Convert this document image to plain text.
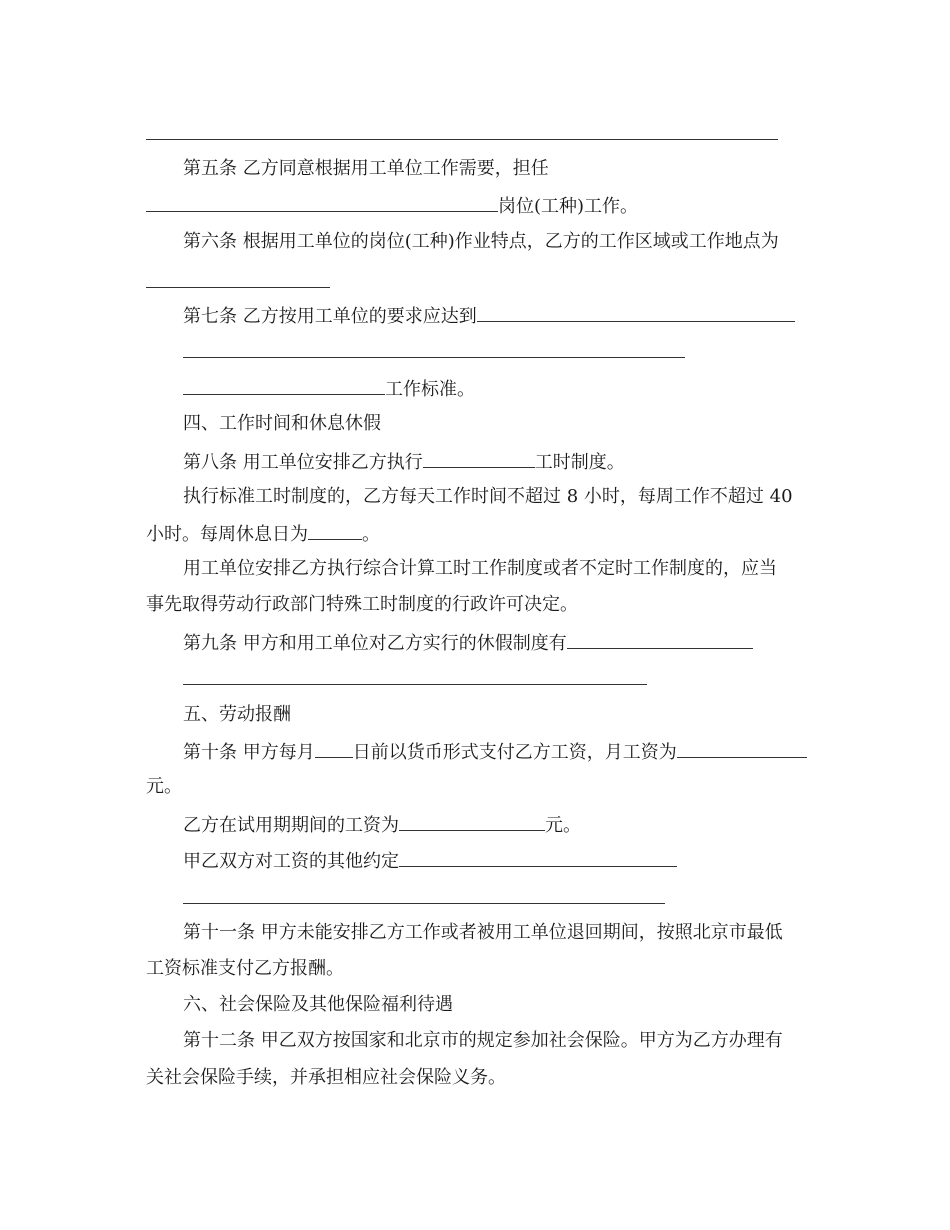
第五条 乙方同意根据用工单位工作需要，担任
岗位(工种)工作。
第六条 根据用工单位的岗位(工种)作业特点，乙方的工作区域或工作地点为
第七条 乙方按用工单位的要求应达到
工作标准。
四、工作时间和休息休假
第八条 用工单位安排乙方执行	工时制度。
执行标准工时制度的，乙方每天工作时间不超过 8 小时，每周工作不超过 40
小时。每周休息日为	。
用工单位安排乙方执行综合计算工时工作制度或者不定时工作制度的，应当
事先取得劳动行政部门特殊工时制度的行政许可决定。
第九条 甲方和用工单位对乙方实行的休假制度有
五、劳动报酬
第十条 甲方每月 日前以货币形式支付乙方工资，月工资为
元。
乙方在试用期期间的工资为	元。
甲乙双方对工资的其他约定
第十一条 甲方未能安排乙方工作或者被用工单位退回期间，按照北京市最低
工资标准支付乙方报酬。
六、社会保险及其他保险福利待遇
第十二条 甲乙双方按国家和北京市的规定参加社会保险。甲方为乙方办理有
关社会保险手续，并承担相应社会保险义务。
